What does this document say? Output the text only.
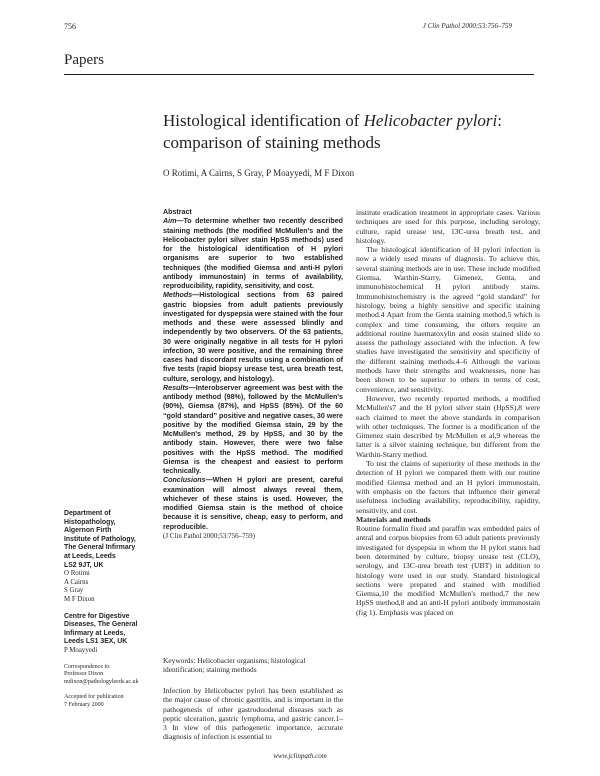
756	J Clin Pathol 2000;53:756–759
Papers
Histological identification of Helicobacter pylori:
comparison of staining methods
O Rotimi, A Cairns, S Gray, P Moayyedi, M F Dixon

Abstract

Aim—To determine whether two recently described staining methods (the modified McMullen's and the Helicobacter pylori silver stain HpSS methods) used for the histological identification of H pylori organisms are superior to two established techniques (the modified Giemsa and anti-H pylori antibody immunostain) in terms of availability, reproducibility, rapidity, sensitivity, and cost.

Methods—Histological sections from 63 paired gastric biopsies from adult patients previously investigated for dyspepsia were stained with the four methods and these were assessed blindly and independently by two observers. Of the 63 patients, 30 were originally negative in all tests for H pylori infection, 30 were positive, and the remaining three cases had discordant results using a combination of five tests (rapid biopsy urease test, urea breath test, culture, serology, and histology).

Results—Interobserver agreement was best with the antibody method (98%), followed by the McMullen's (90%), Giemsa (87%), and HpSS (85%). Of the 60 “gold standard” positive and negative cases, 30 were positive by the modified Giemsa stain, 29 by the McMullen's method, 29 by HpSS, and 30 by the antibody stain. However, there were two false positives with the HpSS method. The modified Giemsa is the cheapest and easiest to perform technically.

Conclusions—When H pylori are present, careful examination will almost always reveal them, whichever of these stains is used. However, the modified Giemsa stain is the method of choice because it is sensitive, cheap, easy to perform, and reproducible.

(J Clin Pathol 2000;53:756–759)

Keywords: Helicobacter organisms; histological identification; staining methods

Infection by Helicobacter pylori has been established as the major cause of chronic gastritis, and is important in the pathogenesis of other gastroduodenal diseases such as peptic ulceration, gastric lymphoma, and gastric cancer.1–3 In view of this pathogenetic importance, accurate diagnosis of infection is essential to

institute eradication treatment in appropriate cases. Various techniques are used for this purpose, including serology, culture, rapid urease test, 13C-urea breath test, and histology.

The histological identification of H pylori infection is now a widely used means of diagnosis. To achieve this, several staining methods are in use. These include modified Giemsa, Warthin-Starry, Gimenez, Genta, and immunohistochemical H pylori antibody stains. Immunohistochemistry is the agreed “gold standard” for histology, being a highly sensitive and specific staining method.4 Apart from the Genta staining method,5 which is complex and time consuming, the others require an additional routine haematoxylin and eosin stained slide to assess the pathology associated with the infection. A few studies have investigated the sensitivity and specificity of the different staining methods.4–6 Although the various methods have their strengths and weaknesses, none has been shown to be superior to others in terms of cost, convenience, and sensitivity.

However, two recently reported methods, a modified McMullen's7 and the H pylori silver stain (HpSS),8 were each claimed to meet the above standards in comparison with other techniques. The former is a modification of the Gimenez stain described by McMullen et al,9 whereas the latter is a silver staining technique, but different from the Warthin-Starry method.

To test the claims of superiority of these methods in the detection of H pylori we compared them with our routine modified Giemsa method and an H pylori immunostain, with emphasis on the factors that influence their general usefulness including availability, reproducibility, rapidity, sensitivity, and cost.

Materials and methods

Routine formalin fixed and paraffin wax embedded pairs of antral and corpus biopsies from 63 adult patients previously investigated for dyspepsia in whom the H pylori status had been determined by culture, biopsy urease test (CLO), serology, and 13C-urea breath test (UBT) in addition to histology were used in our study. Standard histological sections were prepared and stained with modified Giemsa,10 the modified McMullen's method,7 the new HpSS method,8 and an anti-H pylori antibody immunostain (fig 1). Emphasis was placed on

Department of
Histopathology,
Algernon Firth
Institute of Pathology,
The General Infirmary
at Leeds, Leeds
LS2 9JT, UK
O Rotimi
A Cairns
S Gray
M F Dixon
Centre for Digestive
Diseases, The General
Infirmary at Leeds,
Leeds LS1 3EX, UK
P Moayyedi
Correspondence to:
Professor Dixon
mdixon@pathologyleeds.ac.uk
Accepted for publication
7 February 2000
www.jclinpath.com
